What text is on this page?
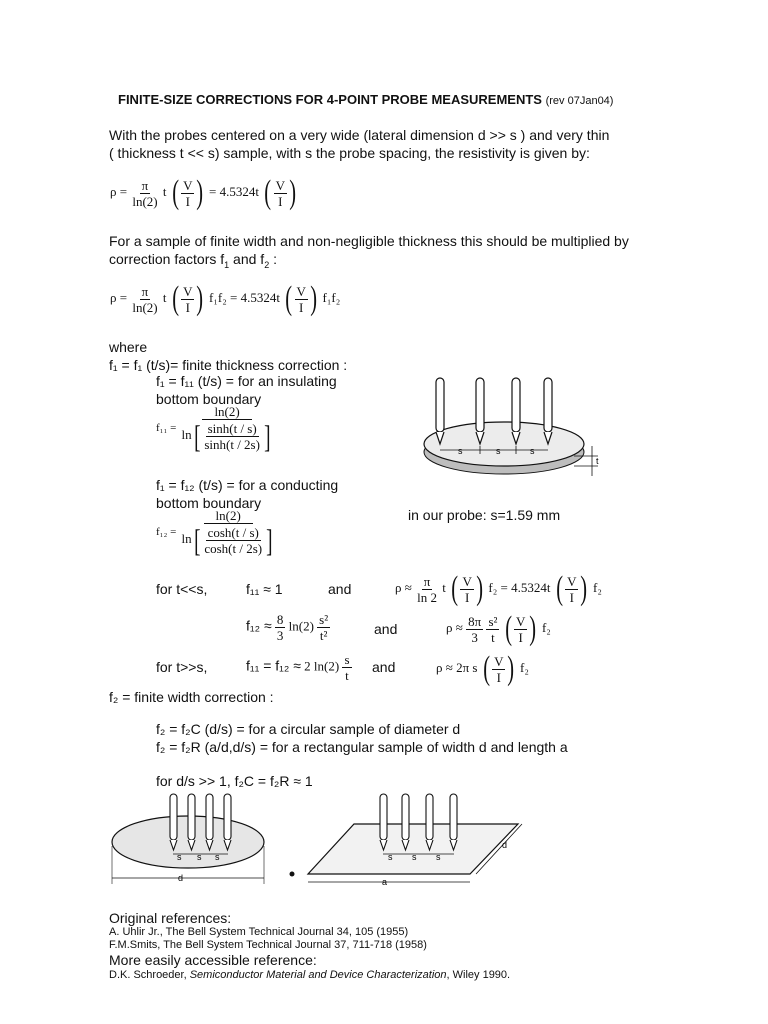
FINITE-SIZE CORRECTIONS FOR 4-POINT PROBE MEASUREMENTS (rev 07Jan04)
With the probes centered on a very wide (lateral dimension d >> s ) and very thin
( thickness t << s) sample, with s the probe spacing, the resistivity is given by:
$\rho = \frac{\pi}{\ln(2)}$ t ( $\frac{V}{I}$ ) = 4.5324t ( $\frac{V}{I}$ )
For a sample of finite width and non-negligible thickness this should be multiplied by
correction factors $f_1$ and $f_2$ :
$\rho = \frac{\pi}{\ln(2)}$ t ( $\frac{V}{I}$ ) f₁f₂ = 4.5324t ( $\frac{V}{I}$ ) f₁f₂
where
f₁ = f₁ (t/s)= finite thickness correction :
f₁ = f₁₁ (t/s) = for an insulating
bottom boundary
$f_{11} = \frac{\ln(2)}{\ln [ \frac{\sinh(t / s)}{\sinh(t / 2s)} ]}$
f₁ = f₁₂ (t/s) = for a conducting
bottom boundary
$f_{12} = \frac{\ln(2)}{\ln [ \frac{\cosh(t / s)}{\cosh(t / 2s)} ]}$	in our probe: s=1.59 mm
s	s	s
t
for t<<s,	f₁₁ ≈ 1	and	$\rho \approx \frac{\pi}{\ln 2}$ t ( $\frac{V}{I}$ ) f₂ = 4.5324t ( $\frac{V}{I}$ ) f₂
$f_{12} \approx \frac{8}{3} \ln(2) \frac{\text{s²}}{\text{t²}}$	and	$\rho \approx \frac{8\pi}{3}$
$\frac{\text{s²}}{t}$
( $\frac{V}{I}$ ) f₂
for t>>s,	f₁₁ = f₁₂ ≈ 2 $\ln(2) \frac{s}{t}$ and	ρ ≈ 2π s ( $\frac{V}{I}$ ) f₂
f₂ = finite width correction :
f₂ = f₂C (d/s) = for a circular sample of diameter d
f₂ = f₂R (a/d,d/s) = for a rectangular sample of width d and length a
for d/s >> 1, f₂C = f₂R ≈ 1
s s s
d
s s s
a
d
Original references:
A. Uhlir Jr., The Bell System Technical Journal 34, 105 (1955)
F.M.Smits, The Bell System Technical Journal 37, 711-718 (1958)
More easily accessible reference:
D.K. Schroeder, Semiconductor Material and Device Characterization, Wiley 1990.
